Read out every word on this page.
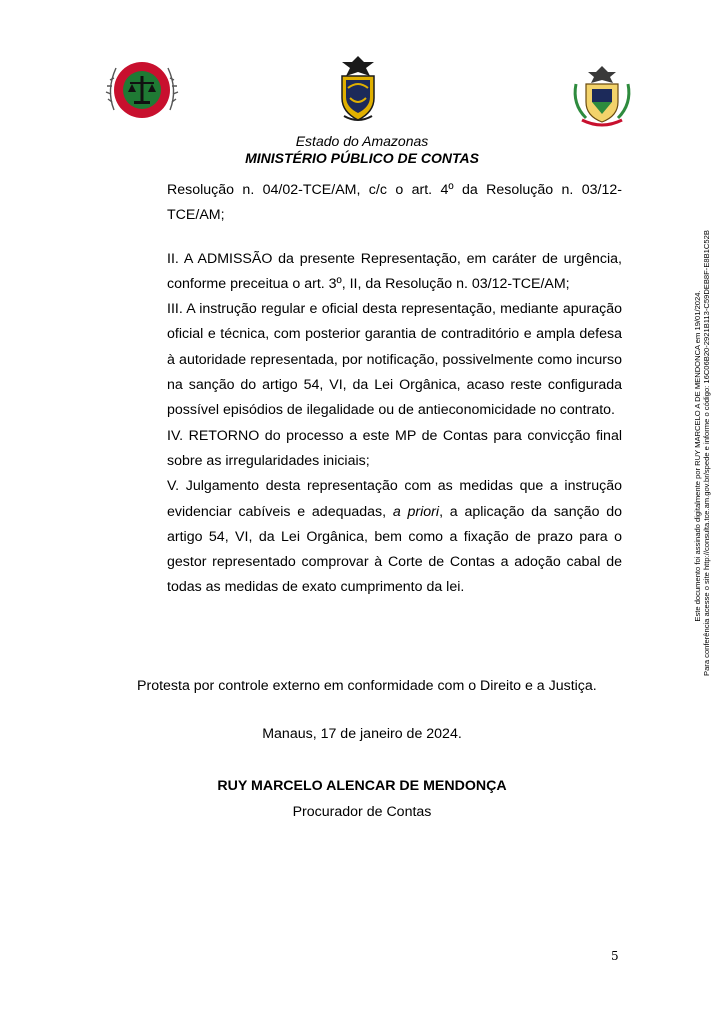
Estado do Amazonas
MINISTÉRIO PÚBLICO DE CONTAS

Resolução n. 04/02-TCE/AM, c/c o art. 4º da Resolução n. 03/12-TCE/AM;

II. A ADMISSÃO da presente Representação, em caráter de urgência, conforme preceitua o art. 3º, II, da Resolução n. 03/12-TCE/AM;

III. A instrução regular e oficial desta representação, mediante apuração oficial e técnica, com posterior garantia de contraditório e ampla defesa à autoridade representada, por notificação, possivelmente como incurso na sanção do artigo 54, VI, da Lei Orgânica, acaso reste configurada possível episódios de ilegalidade ou de antieconomicidade no contrato.

IV. RETORNO do processo a este MP de Contas para convicção final sobre as irregularidades iniciais;

V. Julgamento desta representação com as medidas que a instrução evidenciar cabíveis e adequadas, a priori, a aplicação da sanção do artigo 54, VI, da Lei Orgânica, bem como a fixação de prazo para o gestor representado comprovar à Corte de Contas a adoção cabal de todas as medidas de exato cumprimento da lei.

Protesta por controle externo em conformidade com o Direito e a Justiça.
Manaus, 17 de janeiro de 2024.
RUY MARCELO ALENCAR DE MENDONÇA
Procurador de Contas
5
Este documento foi assinado digitalmente por RUY MARCELO A DE MENDONCA em 19/01/2024. Para conferência acesse o site http://consulta.tce.am.gov.br/spede e informe o código: 16C06B20-2921B113-C59DEB8F-E8B1C52B
